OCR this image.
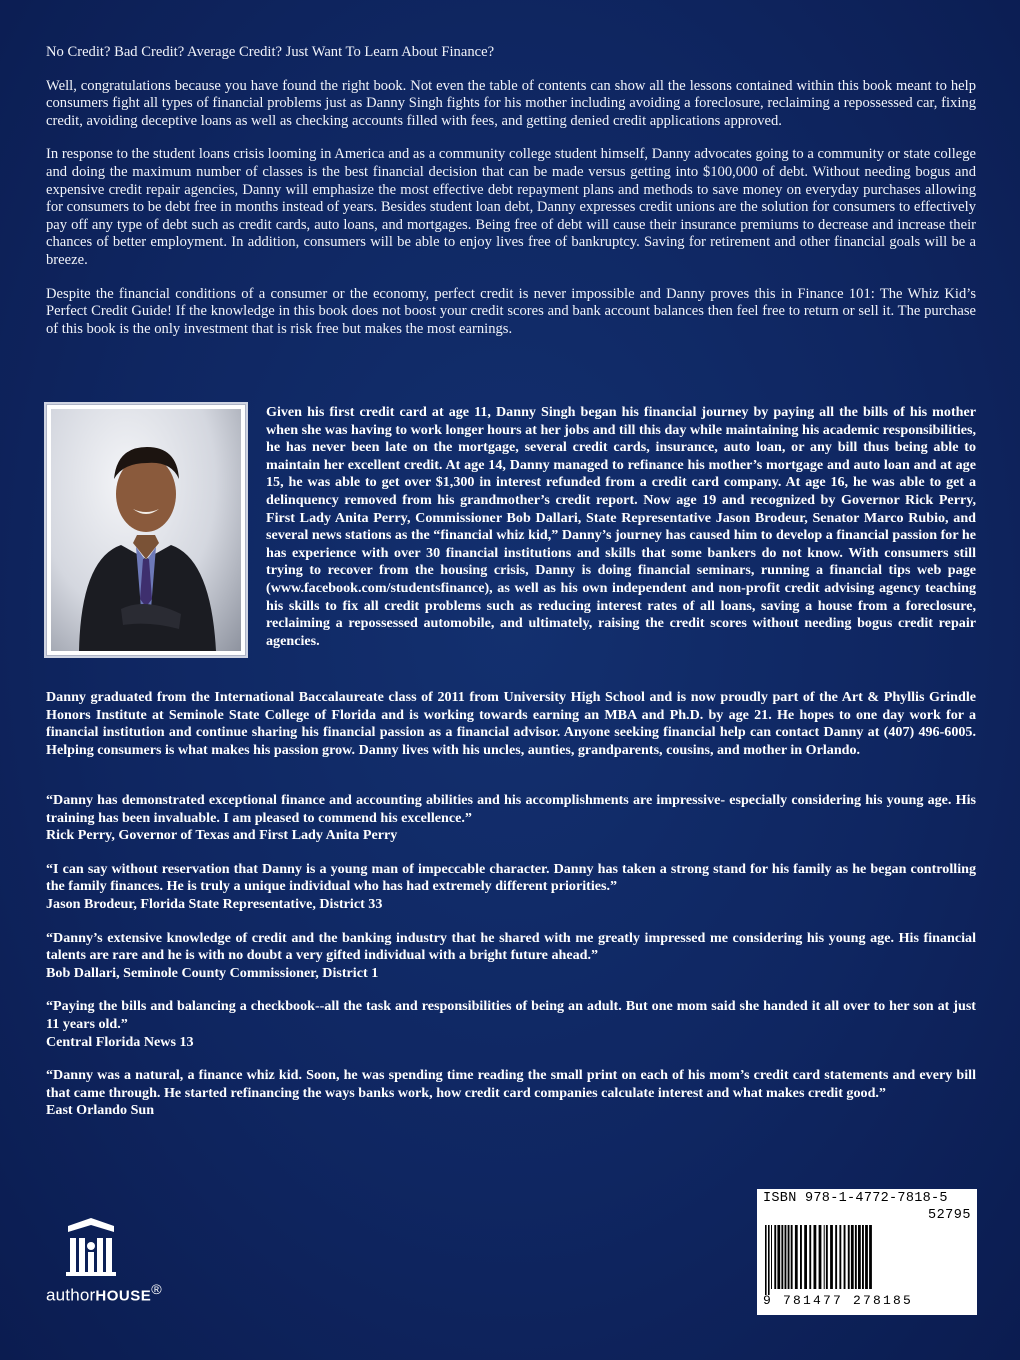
No Credit? Bad Credit? Average Credit? Just Want To Learn About Finance?

Well, congratulations because you have found the right book. Not even the table of contents can show all the lessons contained within this book meant to help consumers fight all types of financial problems just as Danny Singh fights for his mother including avoiding a foreclosure, reclaiming a repossessed car, fixing credit, avoiding deceptive loans as well as checking accounts filled with fees, and getting denied credit applications approved.

In response to the student loans crisis looming in America and as a community college student himself, Danny advocates going to a community or state college and doing the maximum number of classes is the best financial decision that can be made versus getting into $100,000 of debt. Without needing bogus and expensive credit repair agencies, Danny will emphasize the most effective debt repayment plans and methods to save money on everyday purchases allowing for consumers to be debt free in months instead of years. Besides student loan debt, Danny expresses credit unions are the solution for consumers to effectively pay off any type of debt such as credit cards, auto loans, and mortgages. Being free of debt will cause their insurance premiums to decrease and increase their chances of better employment. In addition, consumers will be able to enjoy lives free of bankruptcy. Saving for retirement and other financial goals will be a breeze.

Despite the financial conditions of a consumer or the economy, perfect credit is never impossible and Danny proves this in Finance 101: The Whiz Kid’s Perfect Credit Guide! If the knowledge in this book does not boost your credit scores and bank account balances then feel free to return or sell it. The purchase of this book is the only investment that is risk free but makes the most earnings.

Given his first credit card at age 11, Danny Singh began his financial journey by paying all the bills of his mother when she was having to work longer hours at her jobs and till this day while maintaining his academic responsibilities, he has never been late on the mortgage, several credit cards, insurance, auto loan, or any bill thus being able to maintain her excellent credit. At age 14, Danny managed to refinance his mother’s mortgage and auto loan and at age 15, he was able to get over $1,300 in interest refunded from a credit card company. At age 16, he was able to get a delinquency removed from his grandmother’s credit report. Now age 19 and recognized by Governor Rick Perry, First Lady Anita Perry, Commissioner Bob Dallari, State Representative Jason Brodeur, Senator Marco Rubio, and several news stations as the “financial whiz kid,” Danny’s journey has caused him to develop a financial passion for he has experience with over 30 financial institutions and skills that some bankers do not know. With consumers still trying to recover from the housing crisis, Danny is doing financial seminars, running a financial tips web page (www.facebook.com/studentsfinance), as well as his own independent and non-profit credit advising agency teaching his skills to fix all credit problems such as reducing interest rates of all loans, saving a house from a foreclosure, reclaiming a repossessed automobile, and ultimately, raising the credit scores without needing bogus credit repair agencies.
Danny graduated from the International Baccalaureate class of 2011 from University High School and is now proudly part of the Art & Phyllis Grindle Honors Institute at Seminole State College of Florida and is working towards earning an MBA and Ph.D. by age 21. He hopes to one day work for a financial institution and continue sharing his financial passion as a financial advisor. Anyone seeking financial help can contact Danny at (407) 496-6005. Helping consumers is what makes his passion grow. Danny lives with his uncles, aunties, grandparents, cousins, and mother in Orlando.

“Danny has demonstrated exceptional finance and accounting abilities and his accomplishments are impressive- especially considering his young age. His training has been invaluable. I am pleased to commend his excellence.”
Rick Perry, Governor of Texas and First Lady Anita Perry

“I can say without reservation that Danny is a young man of impeccable character. Danny has taken a strong stand for his family as he began controlling the family finances. He is truly a unique individual who has had extremely different priorities.”
Jason Brodeur, Florida State Representative, District 33

“Danny’s extensive knowledge of credit and the banking industry that he shared with me greatly impressed me considering his young age. His financial talents are rare and he is with no doubt a very gifted individual with a bright future ahead.”
Bob Dallari, Seminole County Commissioner, District 1

“Paying the bills and balancing a checkbook--all the task and responsibilities of being an adult. But one mom said she handed it all over to her son at just 11 years old.”
Central Florida News 13

“Danny was a natural, a finance whiz kid. Soon, he was spending time reading the small print on each of his mom’s credit card statements and every bill that came through. He started refinancing the ways banks work, how credit card companies calculate interest and what makes credit good.”
East Orlando Sun

authorHOUSE®
ISBN 978-1-4772-7818-5
52795
9 781477 278185
